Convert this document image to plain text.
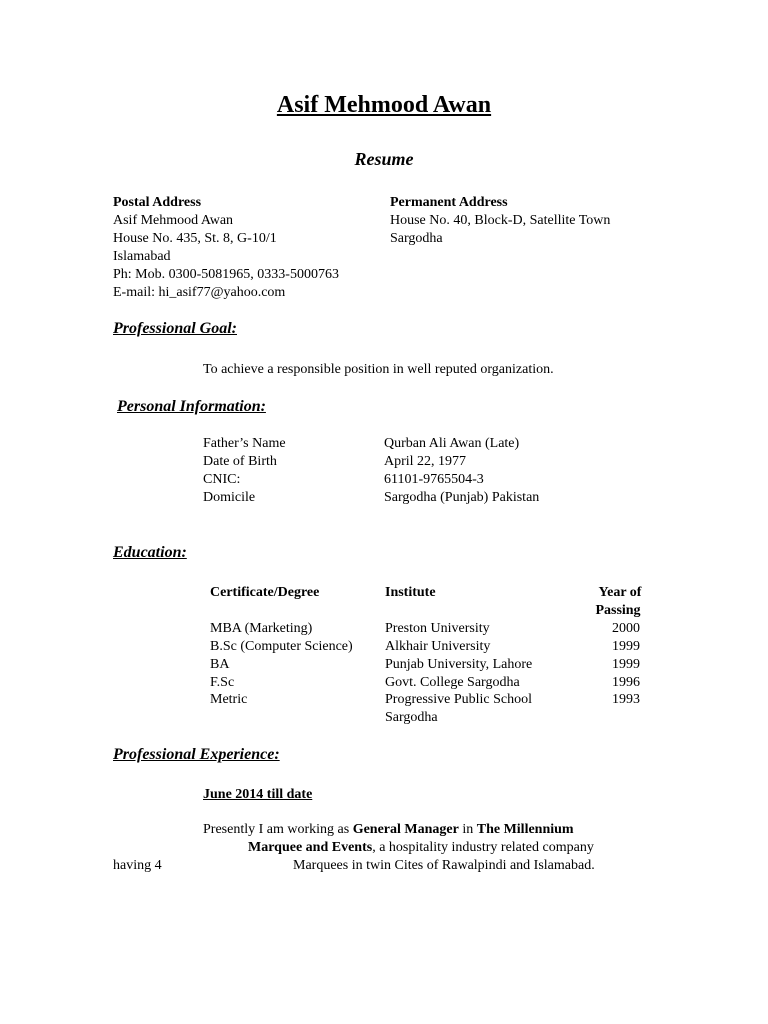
Asif Mehmood Awan
Resume
Postal Address
Asif Mehmood Awan
House No. 435, St. 8, G-10/1
Islamabad
Ph: Mob. 0300-5081965, 0333-5000763
E-mail: hi_asif77@yahoo.com
Permanent Address
House No. 40, Block-D, Satellite Town
Sargodha
Professional Goal:
To achieve a responsible position in well reputed organization.
Personal Information:
Father’s Name	Qurban Ali Awan (Late)
Date of Birth	April 22, 1977
CNIC:	61101-9765504-3
Domicile	Sargodha (Punjab) Pakistan
Education:
Certificate/Degree	Institute	Year of
Passing
MBA (Marketing)	Preston University	2000
B.Sc (Computer Science) Alkhair University	1999
BA	Punjab University, Lahore	1999
F.Sc	Govt. College Sargodha	1996
Metric	Progressive Public School	1993
Sargodha
Professional Experience:
June 2014 till date
Presently I am working as General Manager in The Millennium
Marquee and Events, a hospitality industry related company
having 4	Marquees in twin Cites of Rawalpindi and Islamabad.
